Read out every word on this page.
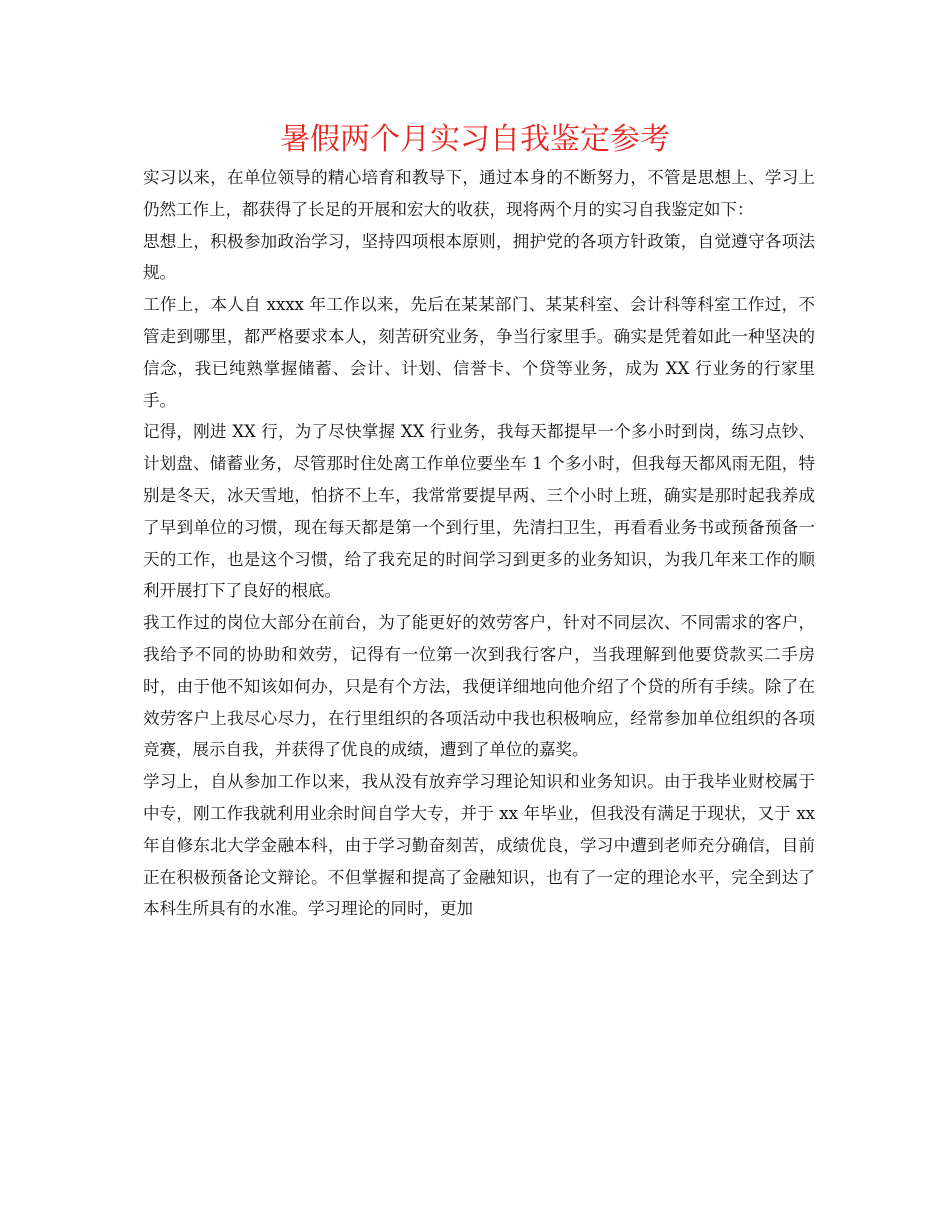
暑假两个月实习自我鉴定参考

实习以来，在单位领导的精心培育和教导下，通过本身的不断努力，不管是思想上、学习上仍然工作上，都获得了长足的开展和宏大的收获，现将两个月的实习自我鉴定如下：

思想上，积极参加政治学习，坚持四项根本原则，拥护党的各项方针政策，自觉遵守各项法规。

工作上，本人自 xxxx 年工作以来，先后在某某部门、某某科室、会计科等科室工作过，不管走到哪里，都严格要求本人，刻苦研究业务，争当行家里手。确实是凭着如此一种坚决的信念，我已纯熟掌握储蓄、会计、计划、信誉卡、个贷等业务，成为 XX 行业务的行家里手。

记得，刚进 XX 行，为了尽快掌握 XX 行业务，我每天都提早一个多小时到岗，练习点钞、计划盘、储蓄业务，尽管那时住处离工作单位要坐车 1 个多小时，但我每天都风雨无阻，特别是冬天，冰天雪地，怕挤不上车，我常常要提早两、三个小时上班，确实是那时起我养成了早到单位的习惯，现在每天都是第一个到行里，先清扫卫生，再看看业务书或预备预备一天的工作，也是这个习惯，给了我充足的时间学习到更多的业务知识，为我几年来工作的顺利开展打下了良好的根底。

我工作过的岗位大部分在前台，为了能更好的效劳客户，针对不同层次、不同需求的客户，我给予不同的协助和效劳，记得有一位第一次到我行客户，当我理解到他要贷款买二手房时，由于他不知该如何办，只是有个方法，我便详细地向他介绍了个贷的所有手续。除了在效劳客户上我尽心尽力，在行里组织的各项活动中我也积极响应，经常参加单位组织的各项竞赛，展示自我，并获得了优良的成绩，遭到了单位的嘉奖。

学习上，自从参加工作以来，我从没有放弃学习理论知识和业务知识。由于我毕业财校属于中专，刚工作我就利用业余时间自学大专，并于 xx 年毕业，但我没有满足于现状，又于 xx 年自修东北大学金融本科，由于学习勤奋刻苦，成绩优良，学习中遭到老师充分确信，目前正在积极预备论文辩论。不但掌握和提高了金融知识，也有了一定的理论水平，完全到达了本科生所具有的水准。学习理论的同时，更加
